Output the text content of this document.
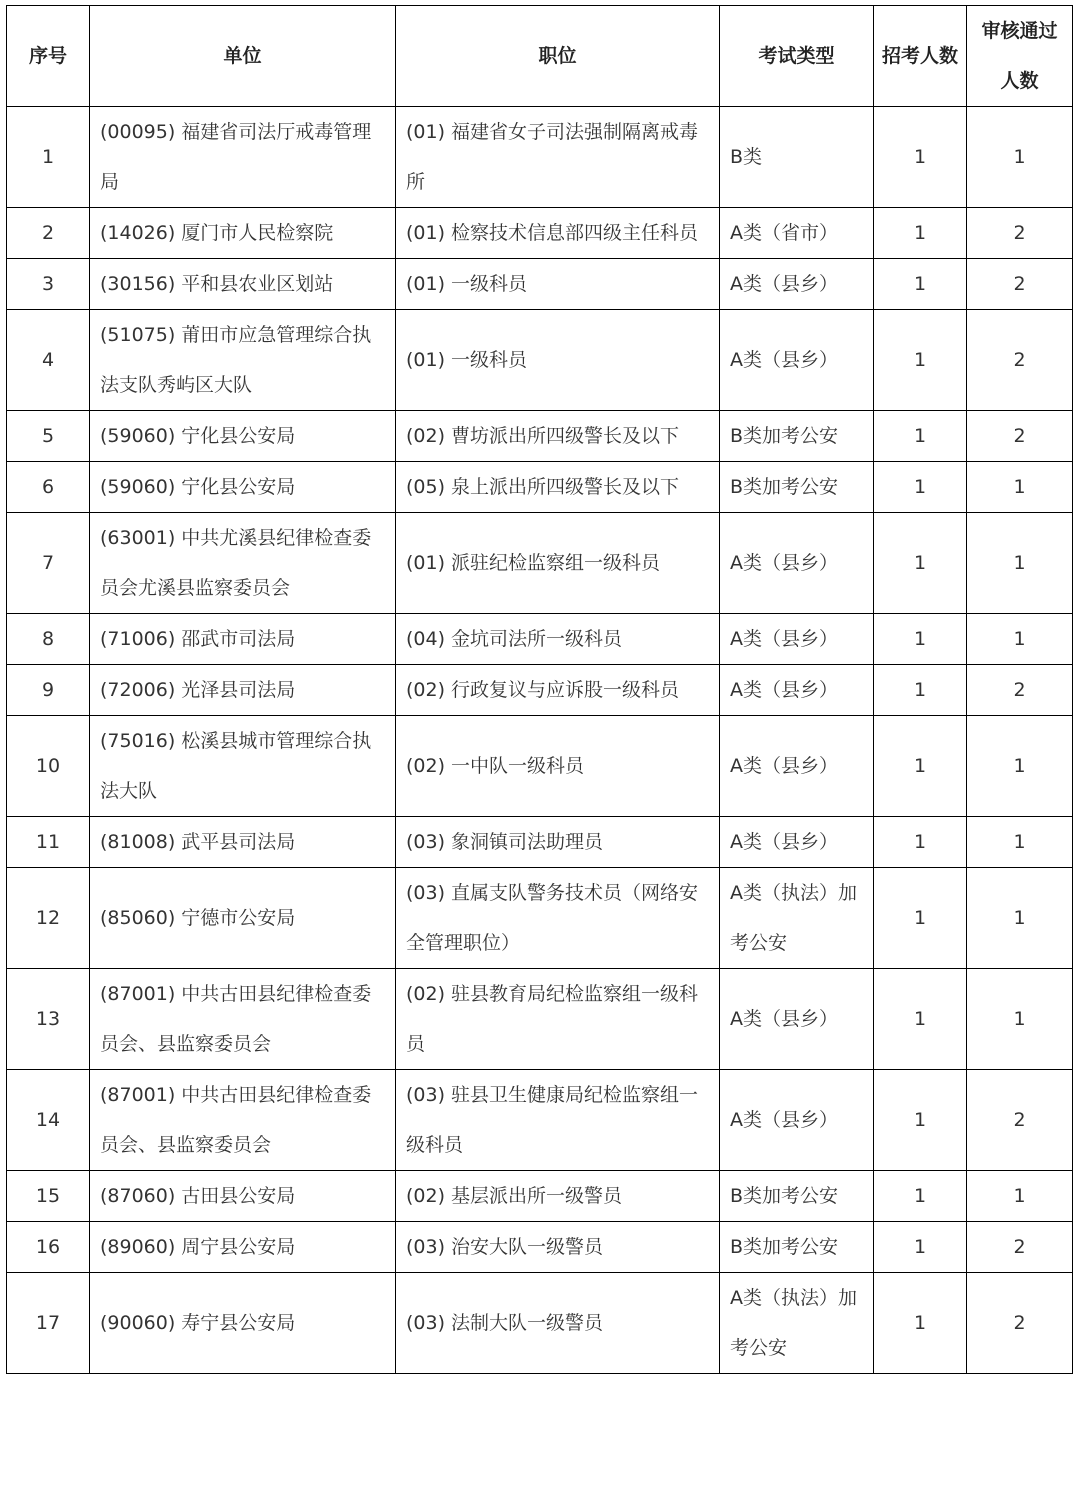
序号	单位	职位	考试类型	招考人数	审核通过人数
1	(00095) 福建省司法厅戒毒管理局	(01) 福建省女子司法强制隔离戒毒所	B类	1	1
2	(14026) 厦门市人民检察院	(01) 检察技术信息部四级主任科员	A类（省市）	1	2
3	(30156) 平和县农业区划站	(01) 一级科员	A类（县乡）	1	2
4	(51075) 莆田市应急管理综合执法支队秀屿区大队	(01) 一级科员	A类（县乡）	1	2
5	(59060) 宁化县公安局	(02) 曹坊派出所四级警长及以下	B类加考公安	1	2
6	(59060) 宁化县公安局	(05) 泉上派出所四级警长及以下	B类加考公安	1	1
7	(63001) 中共尤溪县纪律检查委员会尤溪县监察委员会	(01) 派驻纪检监察组一级科员	A类（县乡）	1	1
8	(71006) 邵武市司法局	(04) 金坑司法所一级科员	A类（县乡）	1	1
9	(72006) 光泽县司法局	(02) 行政复议与应诉股一级科员	A类（县乡）	1	2
10	(75016) 松溪县城市管理综合执法大队	(02) 一中队一级科员	A类（县乡）	1	1
11	(81008) 武平县司法局	(03) 象洞镇司法助理员	A类（县乡）	1	1
12	(85060) 宁德市公安局	(03) 直属支队警务技术员（网络安全管理职位）	A类（执法）加考公安	1	1
13	(87001) 中共古田县纪律检查委员会、县监察委员会	(02) 驻县教育局纪检监察组一级科员	A类（县乡）	1	1
14	(87001) 中共古田县纪律检查委员会、县监察委员会	(03) 驻县卫生健康局纪检监察组一级科员	A类（县乡）	1	2
15	(87060) 古田县公安局	(02) 基层派出所一级警员	B类加考公安	1	1
16	(89060) 周宁县公安局	(03) 治安大队一级警员	B类加考公安	1	2
17	(90060) 寿宁县公安局	(03) 法制大队一级警员	A类（执法）加考公安	1	2
